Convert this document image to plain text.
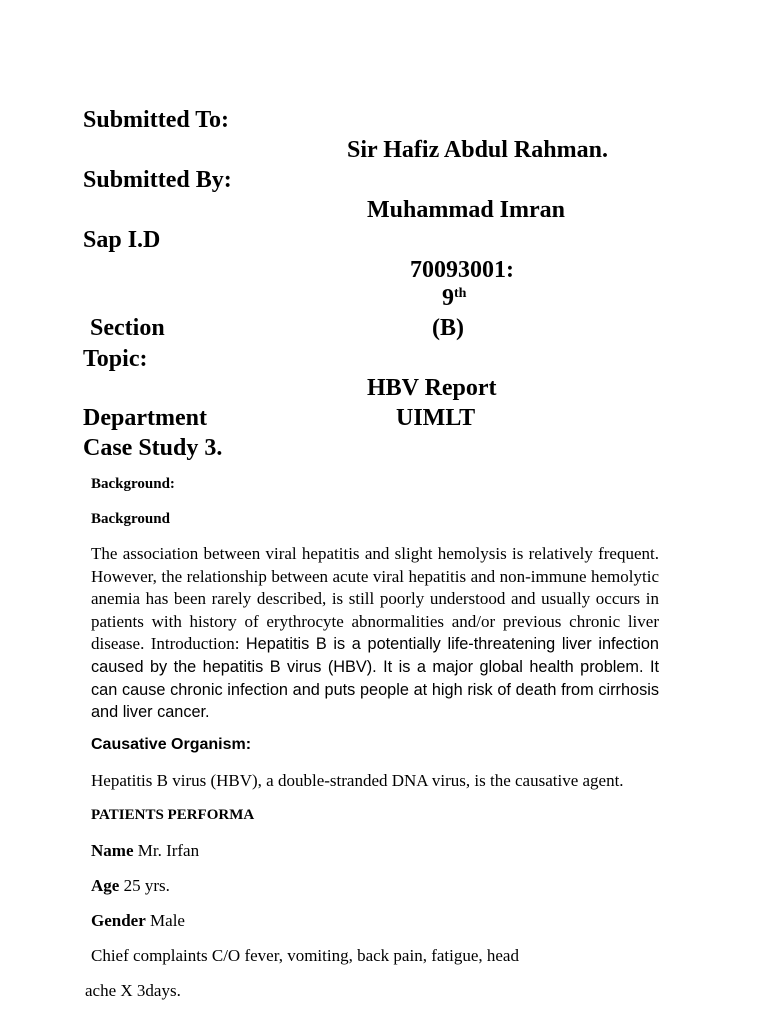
Submitted To:
Sir Hafiz Abdul Rahman.
Submitted By:
Muhammad Imran
Sap I.D
70093001:
9th
Section	(B)
Topic:
HBV Report
Department	UIMLT
Case Study 3.
Background:
Background
The association between viral hepatitis and slight hemolysis is relatively frequent. However, the relationship between acute viral hepatitis and non-immune hemolytic anemia has been rarely described, is still poorly understood and usually occurs in patients with history of erythrocyte abnormalities and/or previous chronic liver disease. Introduction: Hepatitis B is a potentially life-threatening liver infection caused by the hepatitis B virus (HBV). It is a major global health problem. It can cause chronic infection and puts people at high risk of death from cirrhosis and liver cancer.
Causative Organism:
Hepatitis B virus (HBV), a double-stranded DNA virus, is the causative agent.
PATIENTS PERFORMA
Name Mr. Irfan
Age 25 yrs.
Gender Male
Chief complaints C/O fever, vomiting, back pain, fatigue, head
ache X 3days.
